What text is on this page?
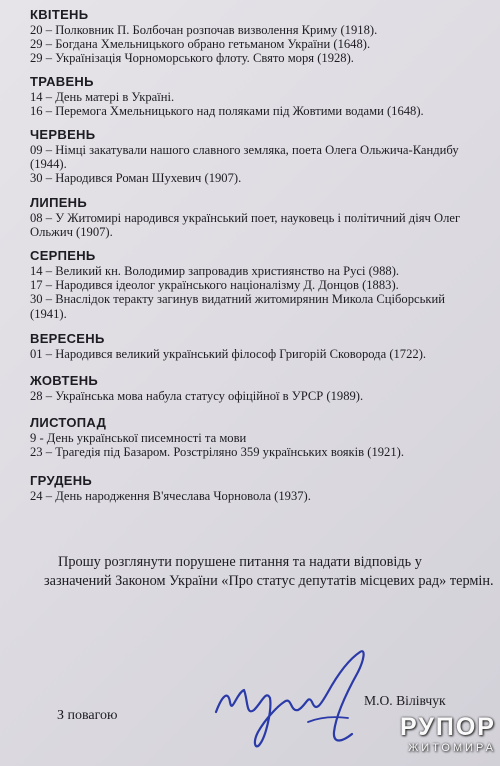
КВІТЕНЬ
20 – Полковник П. Болбочан розпочав визволення Криму (1918).
29 – Богдана Хмельницького обрано гетьманом України (1648).
29 – Українізація Чорноморського флоту. Свято моря (1928).
ТРАВЕНЬ
14 – День матері в Україні.
16 – Перемога Хмельницького над поляками під Жовтими водами (1648).
ЧЕРВЕНЬ
09 – Німці закатували нашого славного земляка, поета Олега Ольжича-Кандибу (1944).
30 – Народився Роман Шухевич (1907).
ЛИПЕНЬ
08 – У Житомирі народився український поет, науковець і політичний діяч Олег Ольжич (1907).
СЕРПЕНЬ
14 – Великий кн. Володимир запровадив християнство на Русі (988).
17 – Народився ідеолог українського націоналізму Д. Донцов (1883).
30 – Внаслідок теракту загинув видатний житомирянин Микола Сціборський (1941).
ВЕРЕСЕНЬ
01 – Народився великий український філософ Григорій Сковорода (1722).
ЖОВТЕНЬ
28 – Українська мова набула статусу офіційної в УРСР (1989).
ЛИСТОПАД
9 - День української писемності та мови
23 – Трагедія під Базаром. Розстріляно 359 українських вояків (1921).
ГРУДЕНЬ
24 – День народження В'ячеслава Чорновола (1937).
Прошу розглянути порушене питання та надати відповідь у
зазначений Законом України «Про статус депутатів місцевих рад» термін.
З повагою
М.О. Вілівчук
РУПОР
ЖИТОМИРА
